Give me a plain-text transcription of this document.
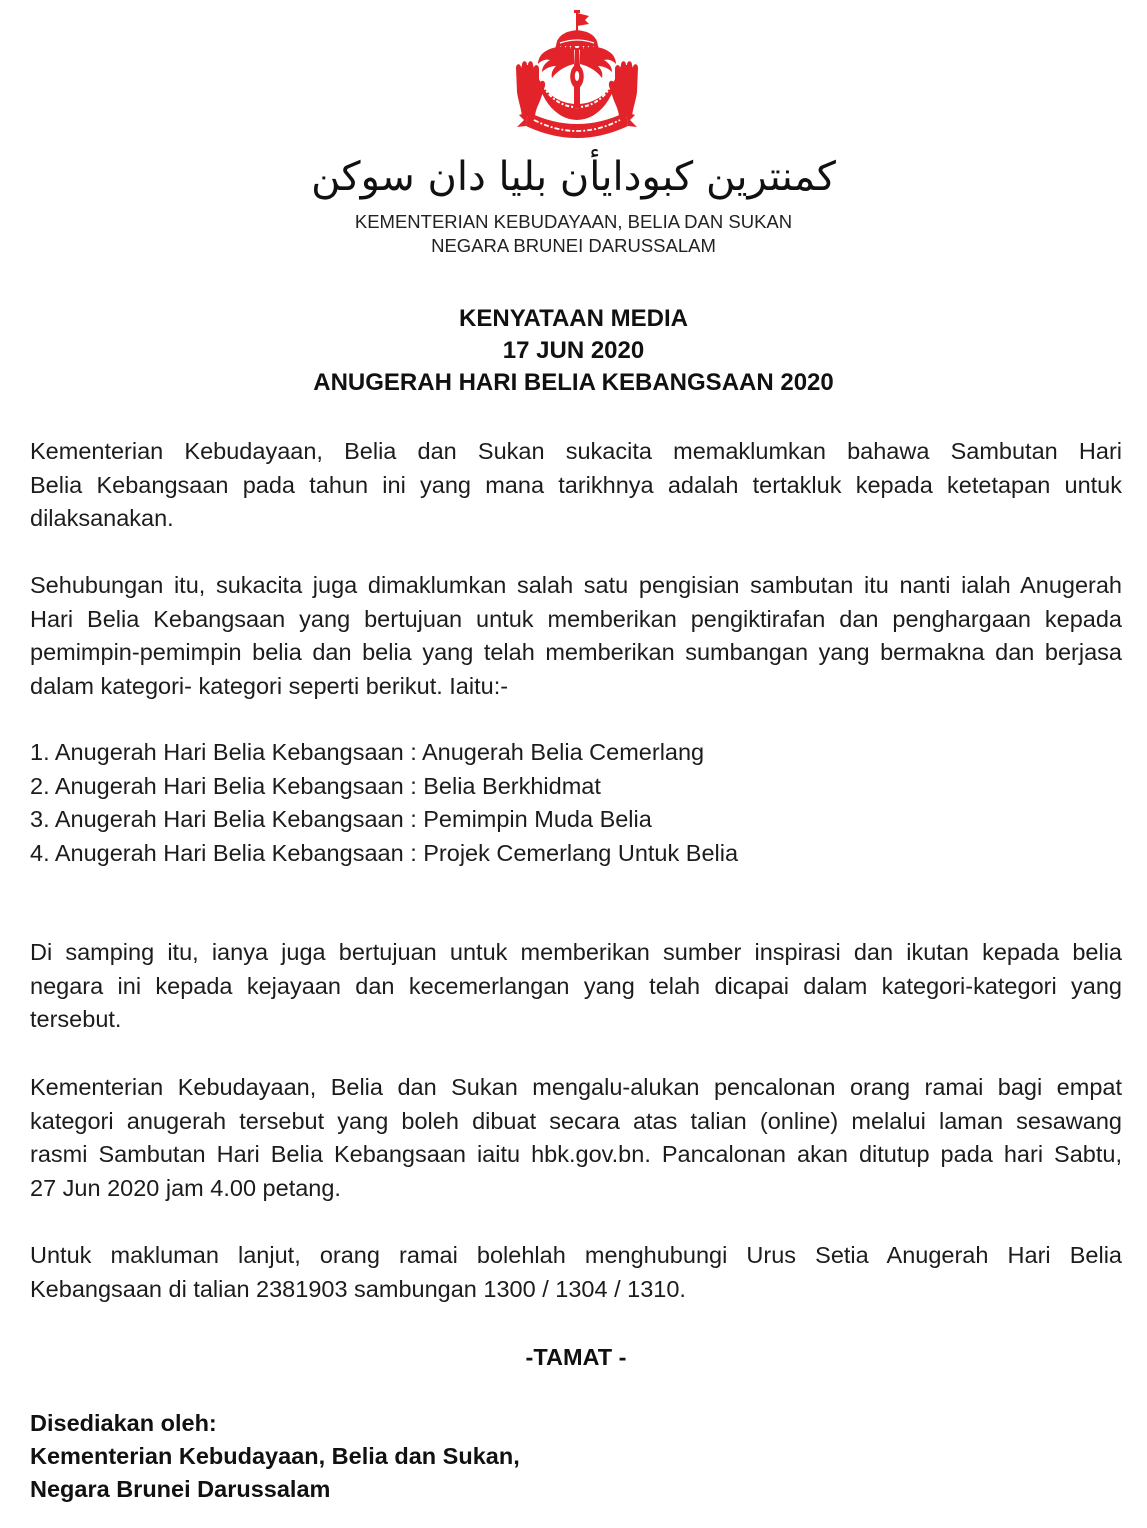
كمنترين كبودايأن بليا دان سوكن
KEMENTERIAN KEBUDAYAAN, BELIA DAN SUKAN
NEGARA BRUNEI DARUSSALAM
KENYATAAN MEDIA
17 JUN 2020
ANUGERAH HARI BELIA KEBANGSAAN 2020
Kementerian Kebudayaan, Belia dan Sukan sukacita memaklumkan bahawa Sambutan Hari
Belia Kebangsaan pada tahun ini yang mana tarikhnya adalah tertakluk kepada ketetapan untuk
dilaksanakan.
Sehubungan itu, sukacita juga dimaklumkan salah satu pengisian sambutan itu nanti ialah Anugerah
Hari Belia Kebangsaan yang bertujuan untuk memberikan pengiktirafan dan penghargaan kepada
pemimpin-pemimpin belia dan belia yang telah memberikan sumbangan yang bermakna dan berjasa
dalam kategori- kategori seperti berikut. Iaitu:-
1. Anugerah Hari Belia Kebangsaan : Anugerah Belia Cemerlang
2. Anugerah Hari Belia Kebangsaan : Belia Berkhidmat
3. Anugerah Hari Belia Kebangsaan : Pemimpin Muda Belia
4. Anugerah Hari Belia Kebangsaan : Projek Cemerlang Untuk Belia
Di samping itu, ianya juga bertujuan untuk memberikan sumber inspirasi dan ikutan kepada belia
negara ini kepada kejayaan dan kecemerlangan yang telah dicapai dalam kategori-kategori yang
tersebut.
Kementerian Kebudayaan, Belia dan Sukan mengalu-alukan pencalonan orang ramai bagi empat
kategori anugerah tersebut yang boleh dibuat secara atas talian (online) melalui laman sesawang
rasmi Sambutan Hari Belia Kebangsaan iaitu hbk.gov.bn. Pancalonan akan ditutup pada hari Sabtu,
27 Jun 2020 jam 4.00 petang.
Untuk makluman lanjut, orang ramai bolehlah menghubungi Urus Setia Anugerah Hari Belia
Kebangsaan di talian 2381903 sambungan 1300 / 1304 / 1310.
-TAMAT -
Disediakan oleh:
Kementerian Kebudayaan, Belia dan Sukan,
Negara Brunei Darussalam
